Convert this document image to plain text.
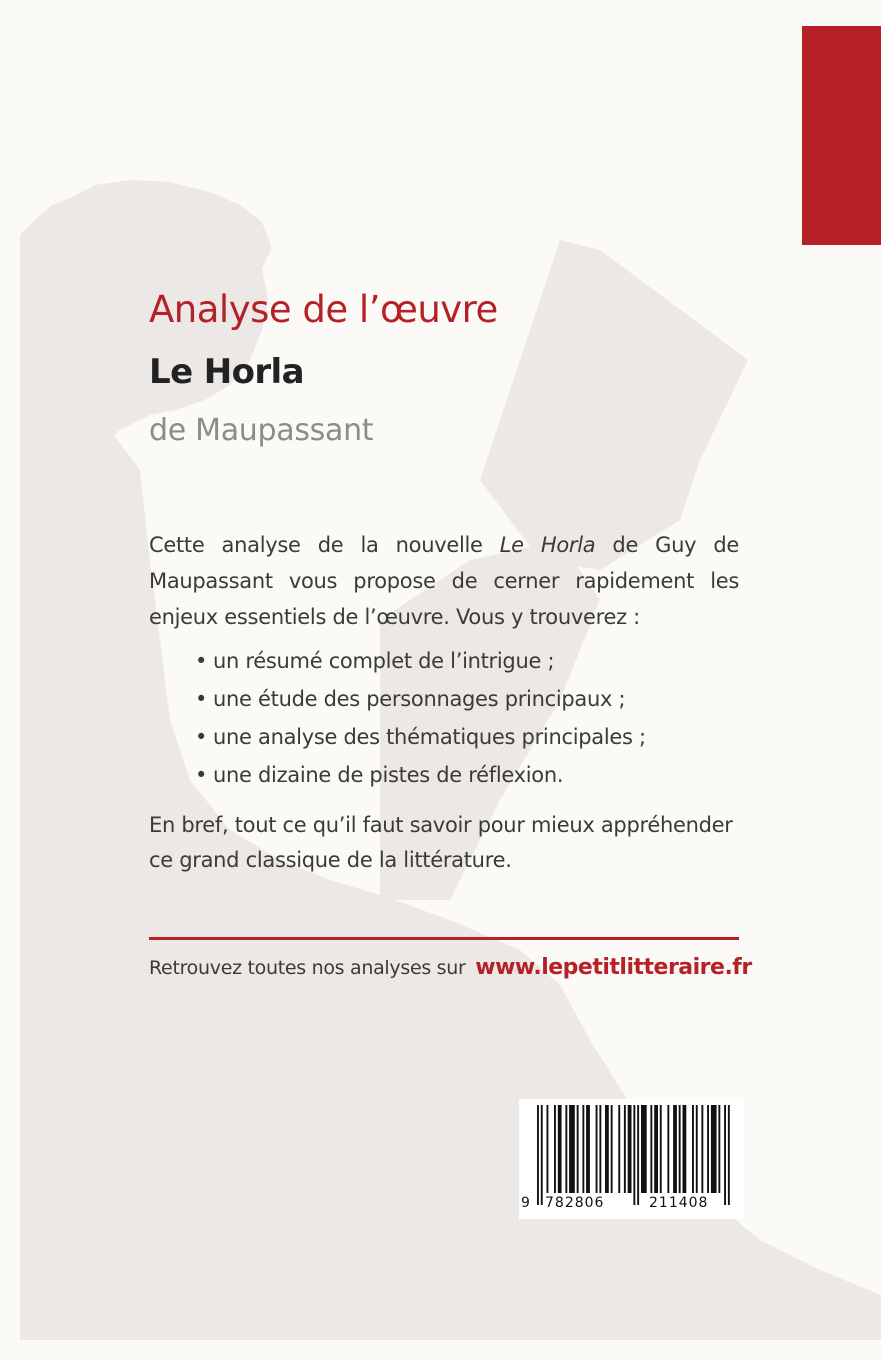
Analyse de l’œuvre
Le Horla
de Maupassant
Cette analyse de la nouvelle Le Horla de Guy de Maupassant vous propose de cerner rapidement les enjeux essentiels de l’œuvre. Vous y trouverez :
• un résumé complet de l’intrigue ;
• une étude des personnages principaux ;
• une analyse des thématiques principales ;
• une dizaine de pistes de réflexion.
En bref, tout ce qu’il faut savoir pour mieux appréhender ce grand classique de la littérature.
Retrouvez toutes nos analyses sur www.lepetitlitteraire.fr
9 782806	211408
